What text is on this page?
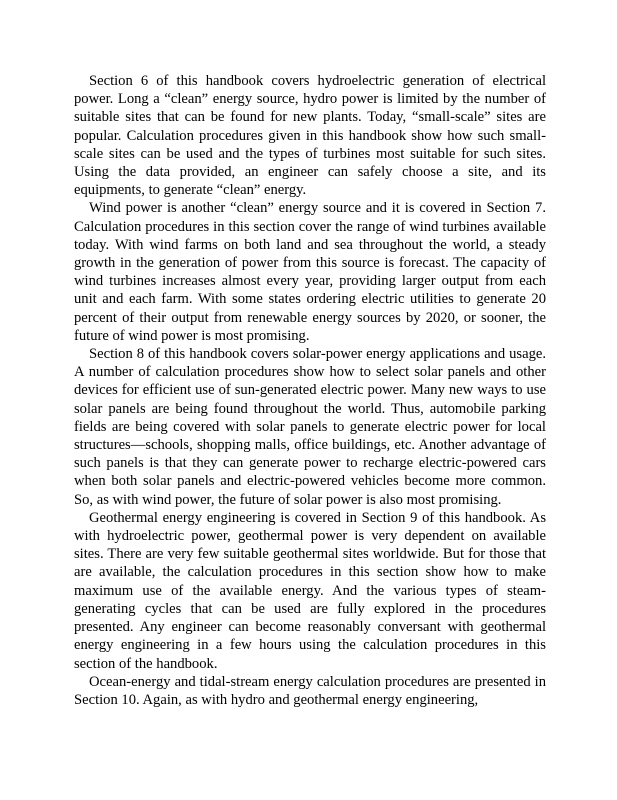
Section 6 of this handbook covers hydroelectric generation of electrical power. Long a “clean” energy source, hydro power is limited by the number of suitable sites that can be found for new plants. Today, “small-scale” sites are popular. Calculation procedures given in this handbook show how such small-scale sites can be used and the types of turbines most suitable for such sites. Using the data provided, an engineer can safely choose a site, and its equipments, to generate “clean” energy.

Wind power is another “clean” energy source and it is covered in Section 7. Calculation procedures in this section cover the range of wind turbines available today. With wind farms on both land and sea throughout the world, a steady growth in the generation of power from this source is forecast. The capacity of wind turbines increases almost every year, providing larger output from each unit and each farm. With some states ordering electric utilities to generate 20 percent of their output from renewable energy sources by 2020, or sooner, the future of wind power is most promising.

Section 8 of this handbook covers solar-power energy applications and usage. A number of calculation procedures show how to select solar panels and other devices for efficient use of sun-generated electric power. Many new ways to use solar panels are being found throughout the world. Thus, automobile parking fields are being covered with solar panels to generate electric power for local structures—schools, shopping malls, office buildings, etc. Another advantage of such panels is that they can generate power to recharge electric-powered cars when both solar panels and electric-powered vehicles become more common. So, as with wind power, the future of solar power is also most promising.

Geothermal energy engineering is covered in Section 9 of this handbook. As with hydroelectric power, geothermal power is very dependent on available sites. There are very few suitable geothermal sites worldwide. But for those that are available, the calculation procedures in this section show how to make maximum use of the available energy. And the various types of steam-generating cycles that can be used are fully explored in the procedures presented. Any engineer can become reasonably conversant with geothermal energy engineering in a few hours using the calculation procedures in this section of the handbook.

Ocean-energy and tidal-stream energy calculation procedures are presented in Section 10. Again, as with hydro and geothermal energy engineering,
